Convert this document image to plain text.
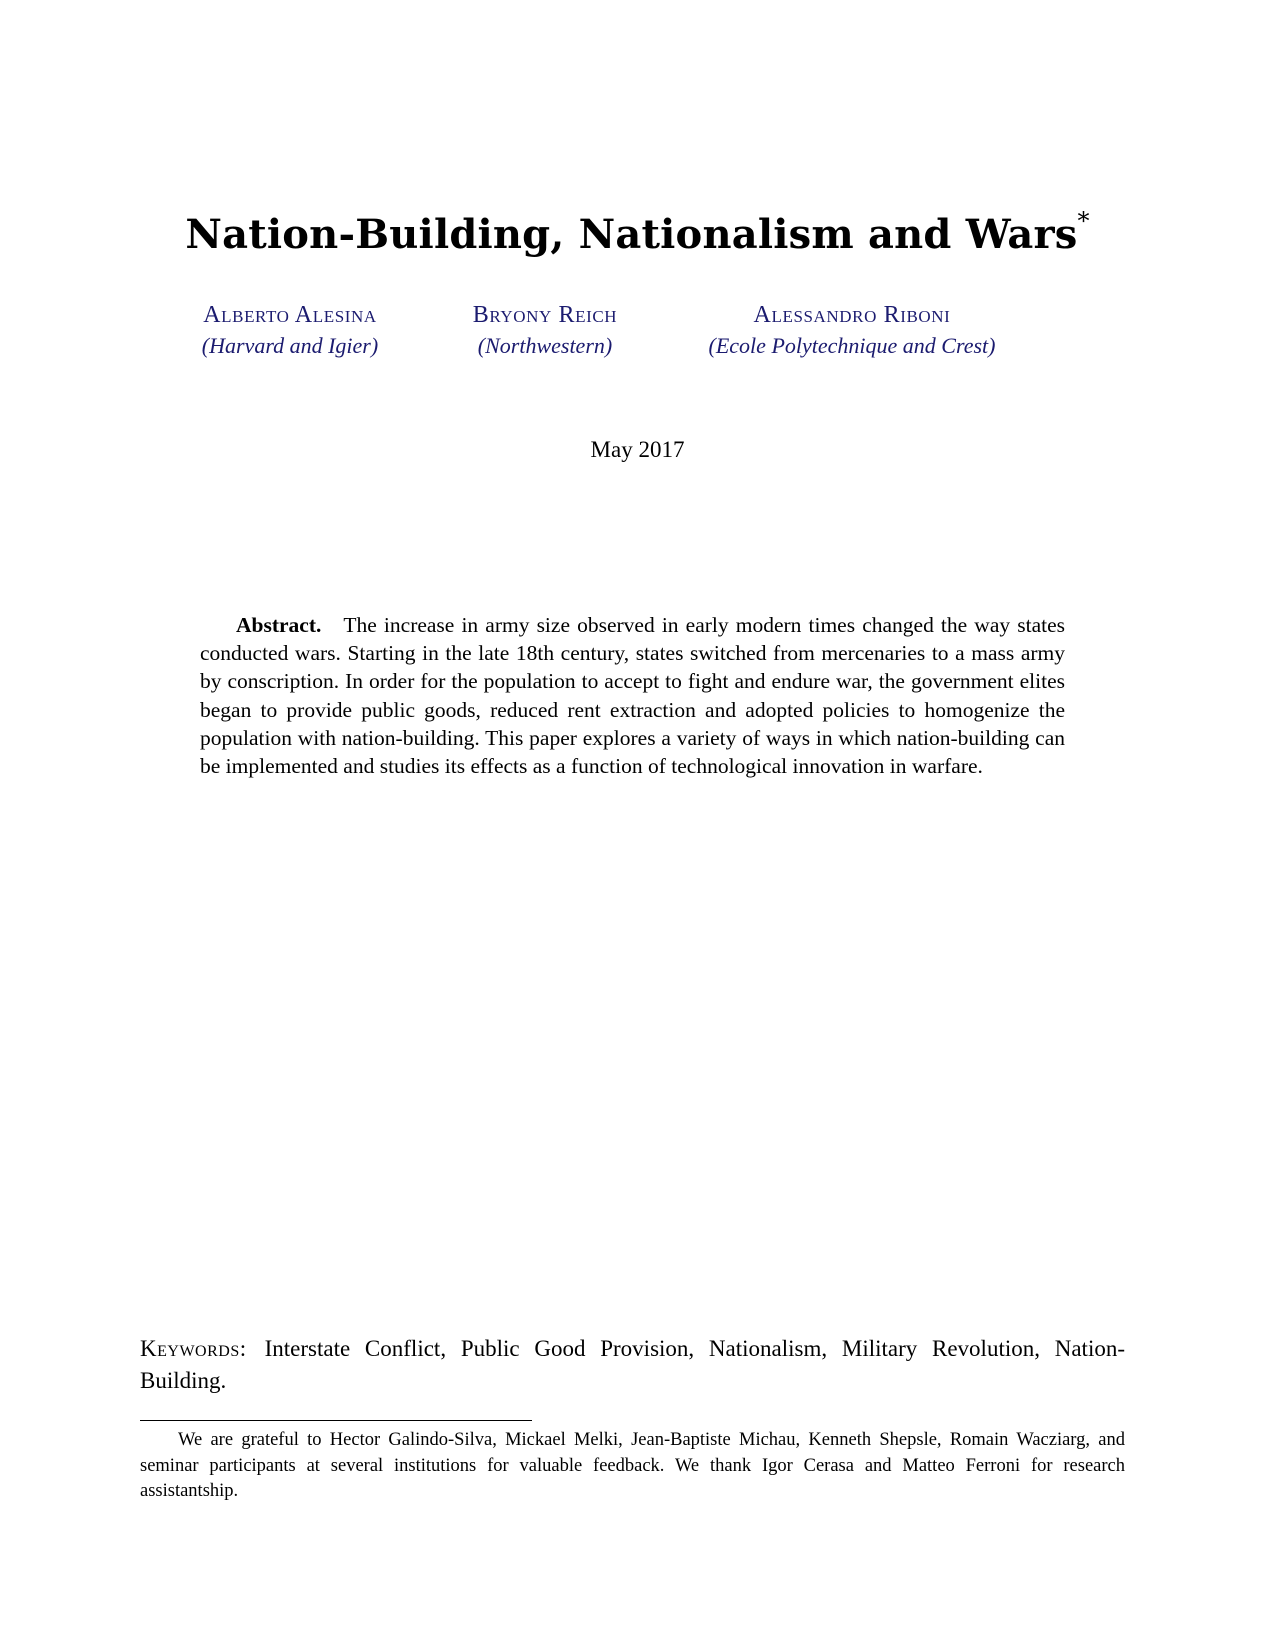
Nation-Building, Nationalism and Wars*
Alberto Alesina
(Harvard and Igier)
Bryony Reich
(Northwestern)
Alessandro Riboni
(Ecole Polytechnique and Crest)
May 2017
Abstract. The increase in army size observed in early modern times changed the way states conducted wars. Starting in the late 18th century, states switched from mercenaries to a mass army by conscription. In order for the population to accept to fight and endure war, the government elites began to provide public goods, reduced rent extraction and adopted policies to homogenize the population with nation-building. This paper explores a variety of ways in which nation-building can be implemented and studies its effects as a function of technological innovation in warfare.
Keywords: Interstate Conflict, Public Good Provision, Nationalism, Military Revolution, Nation-Building.
We are grateful to Hector Galindo-Silva, Mickael Melki, Jean-Baptiste Michau, Kenneth Shepsle, Romain Wacziarg, and seminar participants at several institutions for valuable feedback. We thank Igor Cerasa and Matteo Ferroni for research assistantship.
